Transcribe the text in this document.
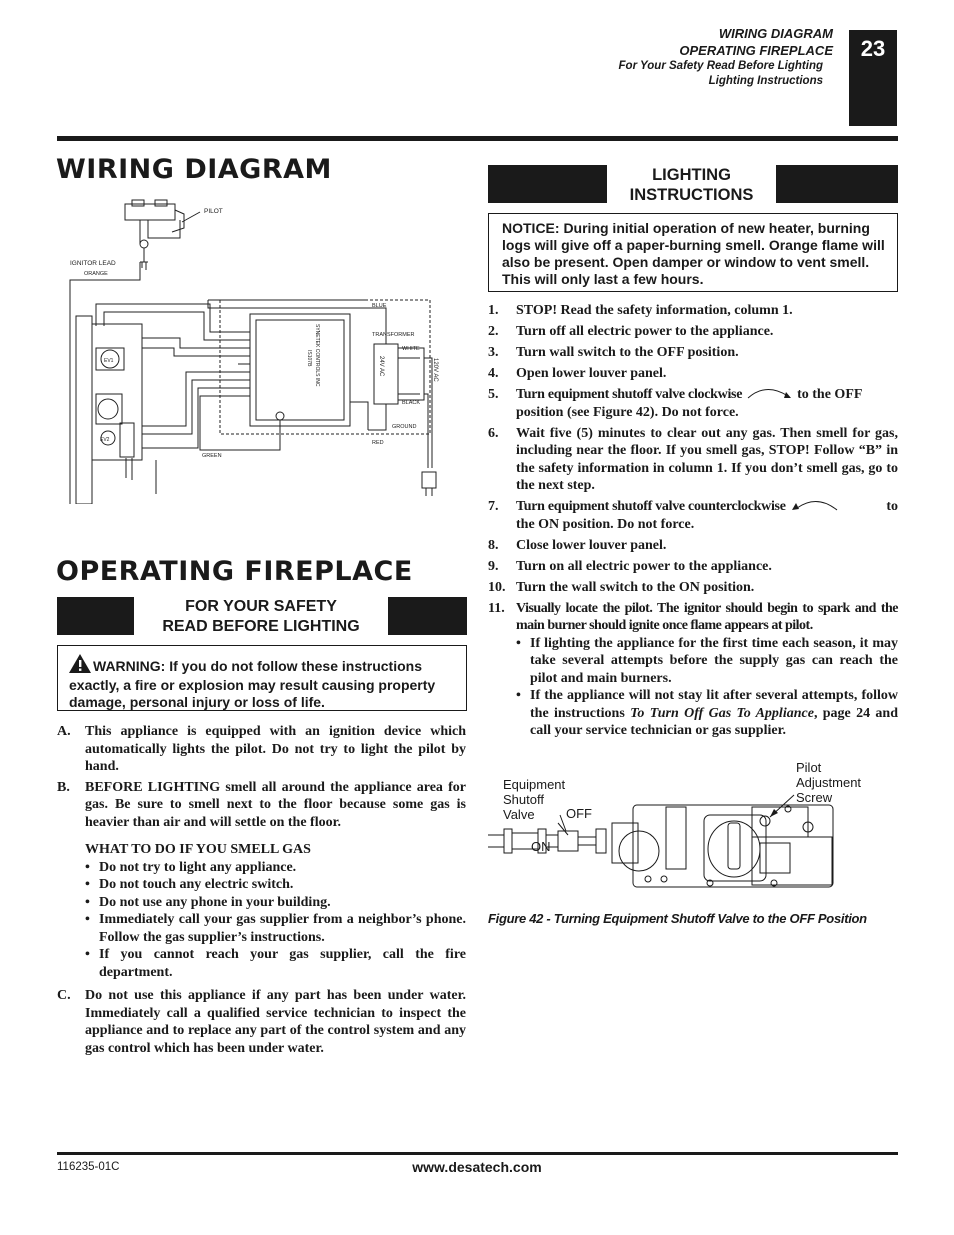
WIRING DIAGRAM
OPERATING FIREPLACE
For Your Safety Read Before Lighting
Lighting Instructions
23
WIRING DIAGRAM
PILOT
IGNITOR LEAD
ORANGE
BLUE
TRANSFORMER
WHITE
BLACK
GROUND
RED
GREEN
24V AC	120V AC
SYNETEK CONTROLS INC
IS107B
EV1
EV2
OPERATING FIREPLACE
FOR YOUR SAFETY
READ BEFORE LIGHTING
WARNING: If you do not follow these instructions exactly, a fire or explosion may result causing property damage, personal injury or loss of life.
A.	This appliance is equipped with an ignition device which automatically lights the pilot. Do not try to light the pilot by hand.
B.	BEFORE LIGHTING smell all around the appliance area for gas. Be sure to smell next to the floor because some gas is heavier than air and will settle on the floor.
WHAT TO DO IF YOU SMELL GAS
• Do not try to light any appliance.
• Do not touch any electric switch.
• Do not use any phone in your building.
• Immediately call your gas supplier from a neighbor’s phone. Follow the gas supplier’s instructions.
• If you cannot reach your gas supplier, call the fire department.
C.	Do not use this appliance if any part has been under water. Immediately call a qualified service technician to inspect the appliance and to replace any part of the control system and any gas control which has been under water.
LIGHTING
INSTRUCTIONS
NOTICE: During initial operation of new heater, burning logs will give off a paper-burning smell. Orange flame will also be present. Open damper or window to vent smell. This will only last a few hours.
1.	STOP! Read the safety information, column 1.
2.	Turn off all electric power to the appliance.
3.	Turn wall switch to the OFF position.
4.	Open lower louver panel.
5.	Turn equipment shutoff valve clockwise	to the OFF
position (see Figure 42). Do not force.
6.	Wait five (5) minutes to clear out any gas. Then smell for gas, including near the floor. If you smell gas, STOP! Follow “B” in the safety information in column 1. If you don’t smell gas, go to the next step.
7.	Turn equipment shutoff valve counterclockwise	to

the ON position. Do not force.
8.	Close lower louver panel.
9.	Turn on all electric power to the appliance.
10. Turn the wall switch to the ON position.
11. Visually locate the pilot. The ignitor should begin to spark and the main burner should ignite once flame appears at pilot.
• If lighting the appliance for the first time each season, it may take several attempts before the supply gas can reach the pilot and main burners.
• If the appliance will not stay lit after several attempts, follow the instructions To Turn Off Gas To Appliance, page 24 and call your service technician or gas supplier.
Equipment
Shutoff
Valve	OFF
ON
Pilot
Adjustment
Screw
Figure 42 - Turning Equipment Shutoff Valve to the OFF Position
116235-01C	www.desatech.com
